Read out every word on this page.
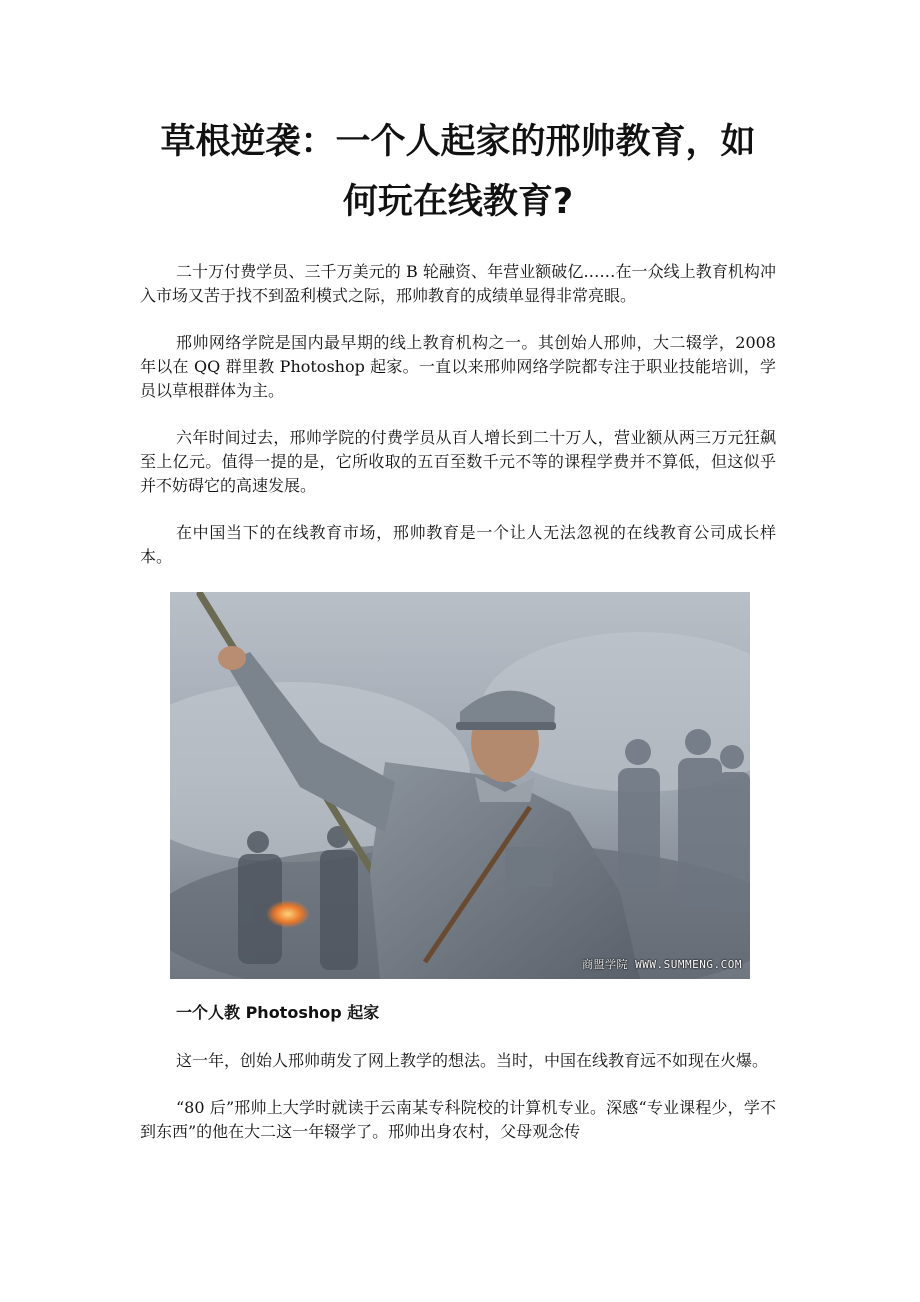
草根逆袭：一个人起家的邢帅教育，如
何玩在线教育?

二十万付费学员、三千万美元的 B 轮融资、年营业额破亿……在一众线上教育机构冲入市场又苦于找不到盈利模式之际，邢帅教育的成绩单显得非常亮眼。

邢帅网络学院是国内最早期的线上教育机构之一。其创始人邢帅，大二辍学，2008 年以在 QQ 群里教 Photoshop 起家。一直以来邢帅网络学院都专注于职业技能培训，学员以草根群体为主。

六年时间过去，邢帅学院的付费学员从百人增长到二十万人，营业额从两三万元狂飙至上亿元。值得一提的是，它所收取的五百至数千元不等的课程学费并不算低，但这似乎并不妨碍它的高速发展。

在中国当下的在线教育市场，邢帅教育是一个让人无法忽视的在线教育公司成长样本。

商盟学院 WWW.SUMMENG.COM
一个人教 Photoshop 起家

这一年，创始人邢帅萌发了网上教学的想法。当时，中国在线教育远不如现在火爆。

“80 后”邢帅上大学时就读于云南某专科院校的计算机专业。深感“专业课程少，学不到东西”的他在大二这一年辍学了。邢帅出身农村，父母观念传
